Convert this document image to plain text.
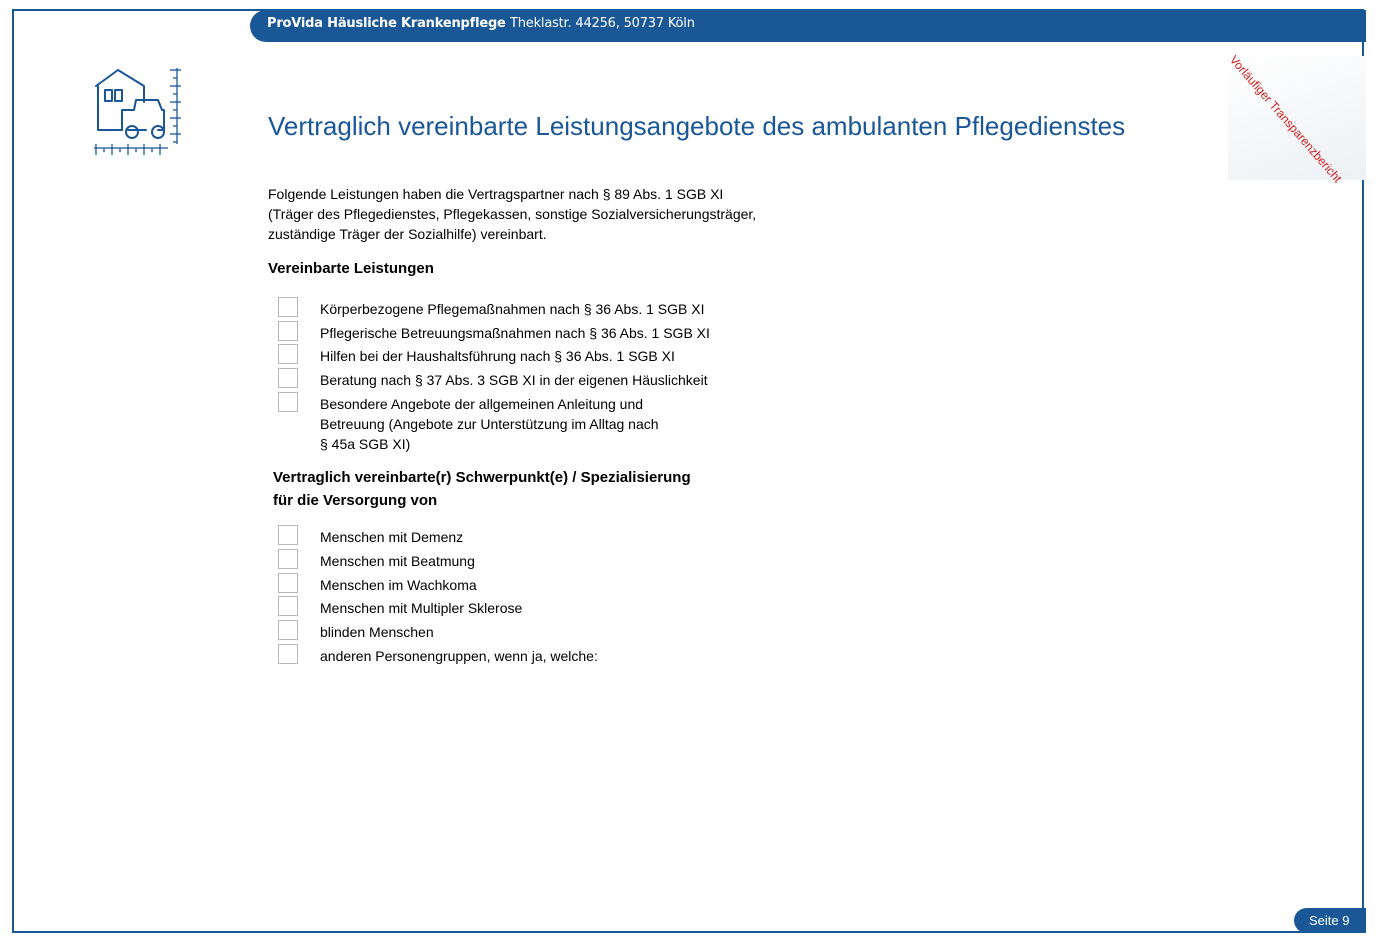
ProVida Häusliche Krankenpflege Theklastr. 44256, 50737 Köln
Vertraglich vereinbarte Leistungsangebote des ambulanten Pflegedienstes	Vorläufiger Transparenzbericht
Folgende Leistungen haben die Vertragspartner nach § 89 Abs. 1 SGB XI
(Träger des Pflegedienstes, Pflegekassen, sonstige Sozialversicherungsträger,
zuständige Träger der Sozialhilfe) vereinbart.
Vereinbarte Leistungen
Körperbezogene Pflegemaßnahmen nach § 36 Abs. 1 SGB XI
Pflegerische Betreuungsmaßnahmen nach § 36 Abs. 1 SGB XI
Hilfen bei der Haushaltsführung nach § 36 Abs. 1 SGB XI
Beratung nach § 37 Abs. 3 SGB XI in der eigenen Häuslichkeit
Besondere Angebote der allgemeinen Anleitung und
Betreuung (Angebote zur Unterstützung im Alltag nach
§ 45a SGB XI)
Vertraglich vereinbarte(r) Schwerpunkt(e) / Spezialisierung
für die Versorgung von
Menschen mit Demenz
Menschen mit Beatmung
Menschen im Wachkoma
Menschen mit Multipler Sklerose
blinden Menschen
anderen Personengruppen, wenn ja, welche:
Seite 9
